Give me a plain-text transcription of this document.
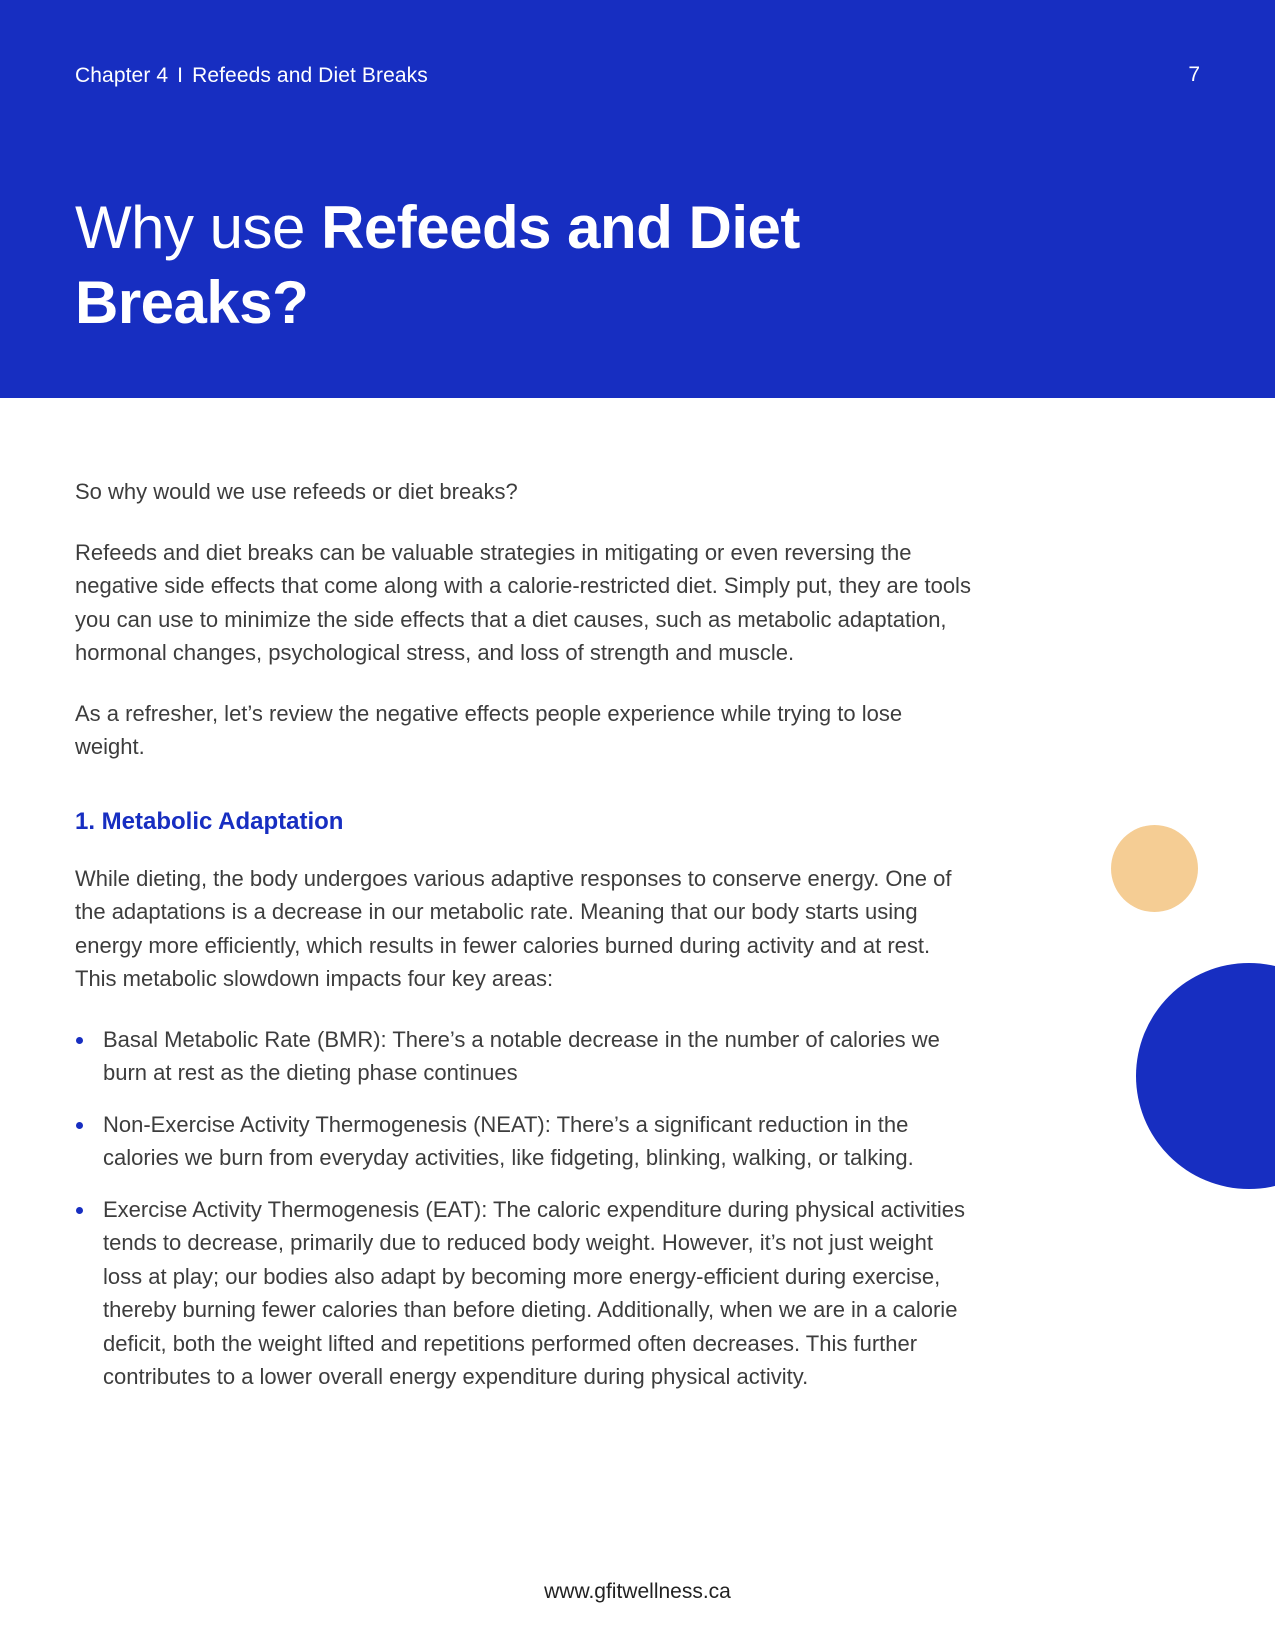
Chapter 4 I Refeeds and Diet Breaks	7
Why use Refeeds and Diet Breaks?

So why would we use refeeds or diet breaks?

Refeeds and diet breaks can be valuable strategies in mitigating or even reversing the negative side effects that come along with a calorie-restricted diet. Simply put, they are tools you can use to minimize the side effects that a diet causes, such as metabolic adaptation, hormonal changes, psychological stress, and loss of strength and muscle.

As a refresher, let’s review the negative effects people experience while trying to lose weight.

1. Metabolic Adaptation

While dieting, the body undergoes various adaptive responses to conserve energy. One of the adaptations is a decrease in our metabolic rate. Meaning that our body starts using energy more efficiently, which results in fewer calories burned during activity and at rest. This metabolic slowdown impacts four key areas:

Basal Metabolic Rate (BMR): There’s a notable decrease in the number of calories we burn at rest as the dieting phase continues
Non-Exercise Activity Thermogenesis (NEAT): There’s a significant reduction in the calories we burn from everyday activities, like fidgeting, blinking, walking, or talking.
Exercise Activity Thermogenesis (EAT): The caloric expenditure during physical activities tends to decrease, primarily due to reduced body weight. However, it’s not just weight loss at play; our bodies also adapt by becoming more energy-efficient during exercise, thereby burning fewer calories than before dieting. Additionally, when we are in a calorie deficit, both the weight lifted and repetitions performed often decreases. This further contributes to a lower overall energy expenditure during physical activity.
www.gfitwellness.ca
